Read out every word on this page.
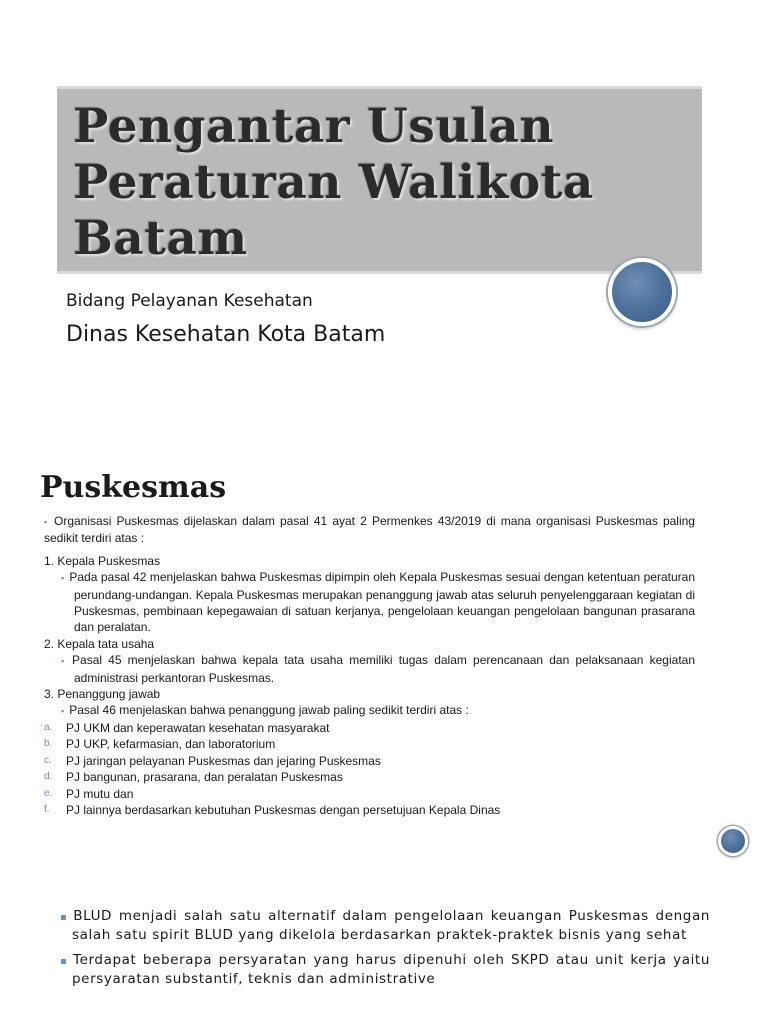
Pengantar Usulan
Peraturan Walikota
Batam
Bidang Pelayanan Kesehatan
Dinas Kesehatan Kota Batam
Puskesmas

▪ Organisasi Puskesmas dijelaskan dalam pasal 41 ayat 2 Permenkes 43/2019 di mana organisasi Puskesmas paling sedikit terdiri atas :

1. Kepala Puskesmas

▪ Pada pasal 42 menjelaskan bahwa Puskesmas dipimpin oleh Kepala Puskesmas sesuai dengan ketentuan peraturan perundang-undangan. Kepala Puskesmas merupakan penanggung jawab atas seluruh penyelenggaraan kegiatan di Puskesmas, pembinaan kepegawaian di satuan kerjanya, pengelolaan keuangan pengelolaan bangunan prasarana dan peralatan.

2. Kepala tata usaha

▪ Pasal 45 menjelaskan bahwa kepala tata usaha memiliki tugas dalam perencanaan dan pelaksanaan kegiatan administrasi perkantoran Puskesmas.

3. Penanggung jawab

▪ Pasal 46 menjelaskan bahwa penanggung jawab paling sedikit terdiri atas :

a. PJ UKM dan keperawatan kesehatan masyarakat

b. PJ UKP, kefarmasian, dan laboratorium

c. PJ jaringan pelayanan Puskesmas dan jejaring Puskesmas

d. PJ bangunan, prasarana, dan peralatan Puskesmas

e. PJ mutu dan

f. PJ lainnya berdasarkan kebutuhan Puskesmas dengan persetujuan Kepala Dinas

▪ BLUD menjadi salah satu alternatif dalam pengelolaan keuangan Puskesmas dengan salah satu spirit BLUD yang dikelola berdasarkan praktek-praktek bisnis yang sehat

▪ Terdapat beberapa persyaratan yang harus dipenuhi oleh SKPD atau unit kerja yaitu persyaratan substantif, teknis dan administrative
